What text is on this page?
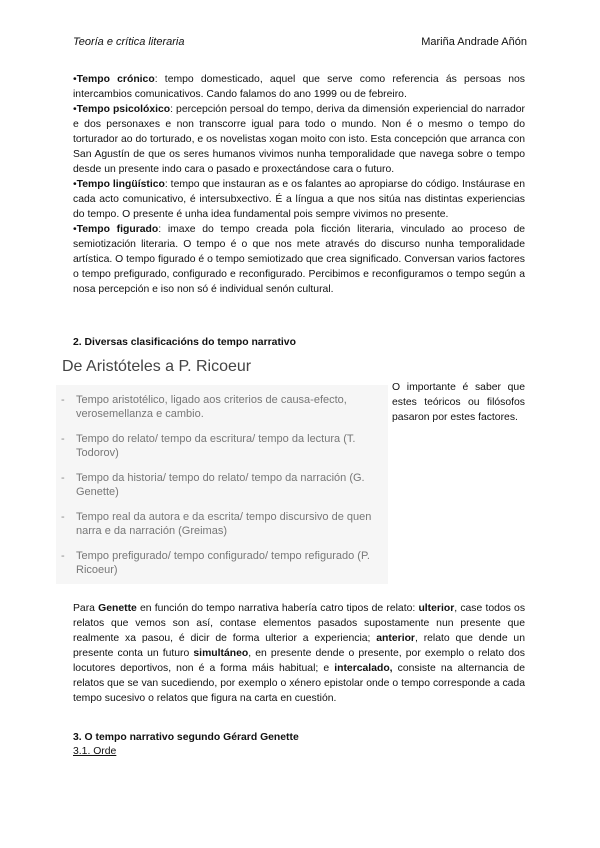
Teoría e crítica literaria	Mariña Andrade Añón

•Tempo crónico: tempo domesticado, aquel que serve como referencia ás persoas nos intercambios comunicativos. Cando falamos do ano 1999 ou de febreiro.

•Tempo psicolóxico: percepción persoal do tempo, deriva da dimensión experiencial do narrador e dos personaxes e non transcorre igual para todo o mundo. Non é o mesmo o tempo do torturador ao do torturado, e os novelistas xogan moito con isto. Esta concepción que arranca con San Agustín de que os seres humanos vivimos nunha temporalidade que navega sobre o tempo desde un presente indo cara o pasado e proxectándose cara o futuro.

•Tempo lingüístico: tempo que instauran as e os falantes ao apropiarse do código. Instáurase en cada acto comunicativo, é intersubxectivo. É a língua a que nos sitúa nas distintas experiencias do tempo. O presente é unha idea fundamental pois sempre vivimos no presente.

•Tempo figurado: imaxe do tempo creada pola ficción literaria, vinculado ao proceso de semiotización literaria. O tempo é o que nos mete através do discurso nunha temporalidade artística. O tempo figurado é o tempo semiotizado que crea significado. Conversan varios factores o tempo prefigurado, configurado e reconfigurado. Percibimos e reconfiguramos o tempo según a nosa percepción e iso non só é individual senón cultural.

2. Diversas clasificacións do tempo narrativo
De Aristóteles a P. Ricoeur
- Tempo aristotélico, ligado aos criterios de causa-efecto, verosemellanza e cambio.
- Tempo do relato/ tempo da escritura/ tempo da lectura (T. Todorov)
- Tempo da historia/ tempo do relato/ tempo da narración (G. Genette)
- Tempo real da autora e da escrita/ tempo discursivo de quen narra e da narración (Greimas)
- Tempo prefigurado/ tempo configurado/ tempo refigurado (P. Ricoeur)
O importante é saber que estes teóricos ou filósofos pasaron por estes factores.

Para Genette en función do tempo narrativa habería catro tipos de relato: ulterior, case todos os relatos que vemos son así, contase elementos pasados supostamente nun presente que realmente xa pasou, é dicir de forma ulterior a experiencia; anterior, relato que dende un presente conta un futuro simultáneo, en presente dende o presente, por exemplo o relato dos locutores deportivos, non é a forma máis habitual; e intercalado, consiste na alternancia de relatos que se van sucediendo, por exemplo o xénero epistolar onde o tempo corresponde a cada tempo sucesivo o relatos que figura na carta en cuestión.

3. O tempo narrativo segundo Gérard Genette
3.1. Orde
